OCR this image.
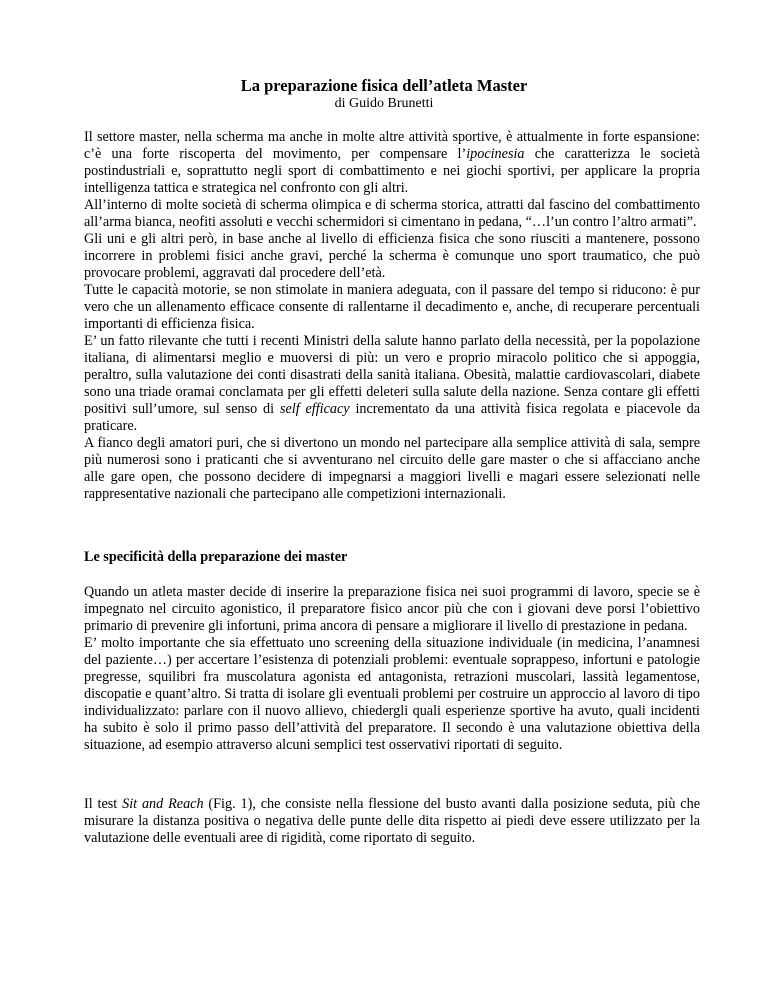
La preparazione fisica dell’atleta Master
di Guido Brunetti

Il settore master, nella scherma ma anche in molte altre attività sportive, è attualmente in forte espansione: c’è una forte riscoperta del movimento, per compensare l’ipocinesia che caratterizza le società postindustriali e, soprattutto negli sport di combattimento e nei giochi sportivi, per applicare la propria intelligenza tattica e strategica nel confronto con gli altri.

All’interno di molte società di scherma olimpica e di scherma storica, attratti dal fascino del combattimento all’arma bianca, neofiti assoluti e vecchi schermidori si cimentano in pedana, “…l’un contro l’altro armati”.

Gli uni e gli altri però, in base anche al livello di efficienza fisica che sono riusciti a mantenere, possono incorrere in problemi fisici anche gravi, perché la scherma è comunque uno sport traumatico, che può provocare problemi, aggravati dal procedere dell’età.

Tutte le capacità motorie, se non stimolate in maniera adeguata, con il passare del tempo si riducono: è pur vero che un allenamento efficace consente di rallentarne il decadimento e, anche, di recuperare percentuali importanti di efficienza fisica.

E’ un fatto rilevante che tutti i recenti Ministri della salute hanno parlato della necessità, per la popolazione italiana, di alimentarsi meglio e muoversi di più: un vero e proprio miracolo politico che si appoggia, peraltro, sulla valutazione dei conti disastrati della sanità italiana. Obesità, malattie cardiovascolari, diabete sono una triade oramai conclamata per gli effetti deleteri sulla salute della nazione. Senza contare gli effetti positivi sull’umore, sul senso di self efficacy incrementato da una attività fisica regolata e piacevole da praticare.

A fianco degli amatori puri, che si divertono un mondo nel partecipare alla semplice attività di sala, sempre più numerosi sono i praticanti che si avventurano nel circuito delle gare master o che si affacciano anche alle gare open, che possono decidere di impegnarsi a maggiori livelli e magari essere selezionati nelle rappresentative nazionali che partecipano alle competizioni internazionali.

Le specificità della preparazione dei master

Quando un atleta master decide di inserire la preparazione fisica nei suoi programmi di lavoro, specie se è impegnato nel circuito agonistico, il preparatore fisico ancor più che con i giovani deve porsi l’obiettivo primario di prevenire gli infortuni, prima ancora di pensare a migliorare il livello di prestazione in pedana.

E’ molto importante che sia effettuato uno screening della situazione individuale (in medicina, l’anamnesi del paziente…) per accertare l’esistenza di potenziali problemi: eventuale soprappeso, infortuni e patologie pregresse, squilibri fra muscolatura agonista ed antagonista, retrazioni muscolari, lassità legamentose, discopatie e quant’altro. Si tratta di isolare gli eventuali problemi per costruire un approccio al lavoro di tipo individualizzato: parlare con il nuovo allievo, chiedergli quali esperienze sportive ha avuto, quali incidenti ha subito è solo il primo passo dell’attività del preparatore. Il secondo è una valutazione obiettiva della situazione, ad esempio attraverso alcuni semplici test osservativi riportati di seguito.

Il test Sit and Reach (Fig. 1), che consiste nella flessione del busto avanti dalla posizione seduta, più che misurare la distanza positiva o negativa delle punte delle dita rispetto ai piedi deve essere utilizzato per la valutazione delle eventuali aree di rigidità, come riportato di seguito.
